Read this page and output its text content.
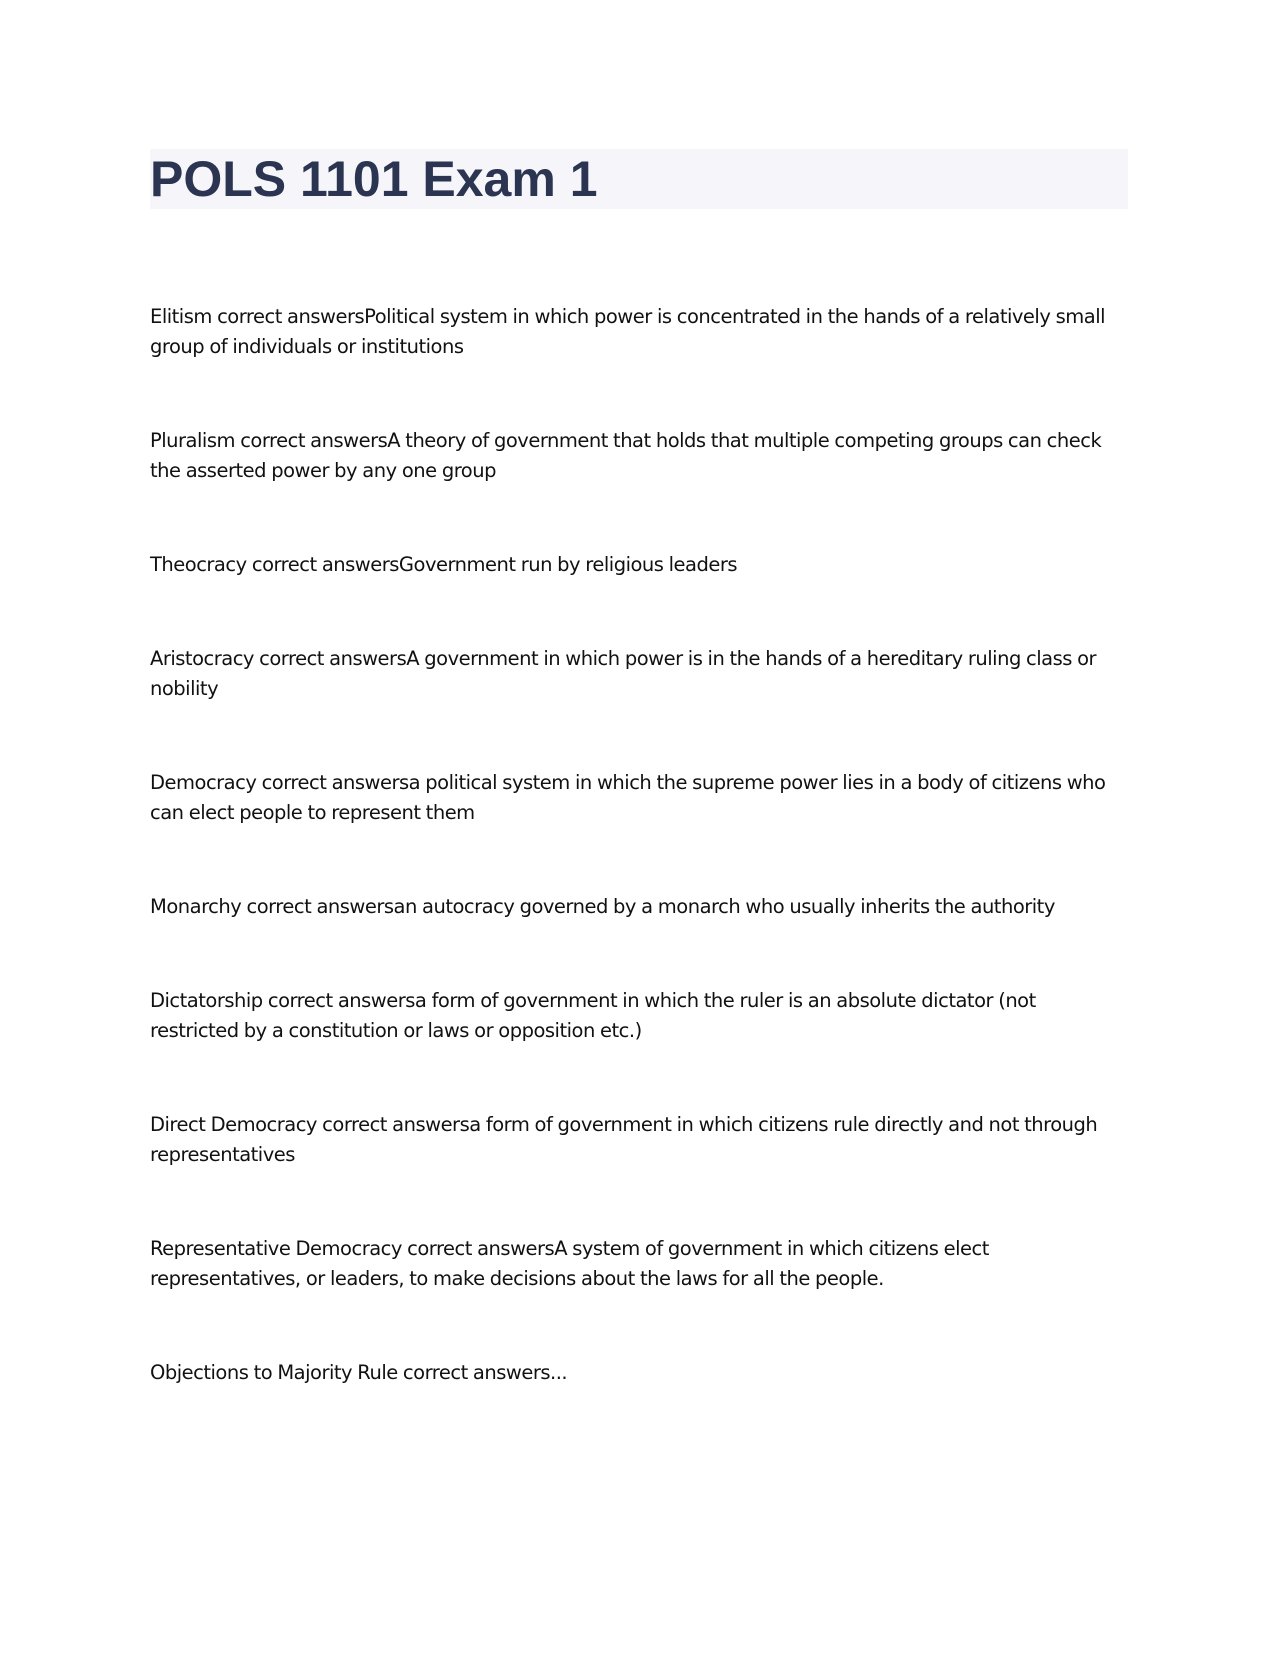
POLS 1101 Exam 1
Elitism correct answersPolitical system in which power is concentrated in the hands of a relatively small group of individuals or institutions
Pluralism correct answersA theory of government that holds that multiple competing groups can check the asserted power by any one group
Theocracy correct answersGovernment run by religious leaders
Aristocracy correct answersA government in which power is in the hands of a hereditary ruling class or nobility
Democracy correct answersa political system in which the supreme power lies in a body of citizens who can elect people to represent them
Monarchy correct answersan autocracy governed by a monarch who usually inherits the authority
Dictatorship correct answersa form of government in which the ruler is an absolute dictator (not restricted by a constitution or laws or opposition etc.)
Direct Democracy correct answersa form of government in which citizens rule directly and not through representatives
Representative Democracy correct answersA system of government in which citizens elect representatives, or leaders, to make decisions about the laws for all the people.
Objections to Majority Rule correct answers...
